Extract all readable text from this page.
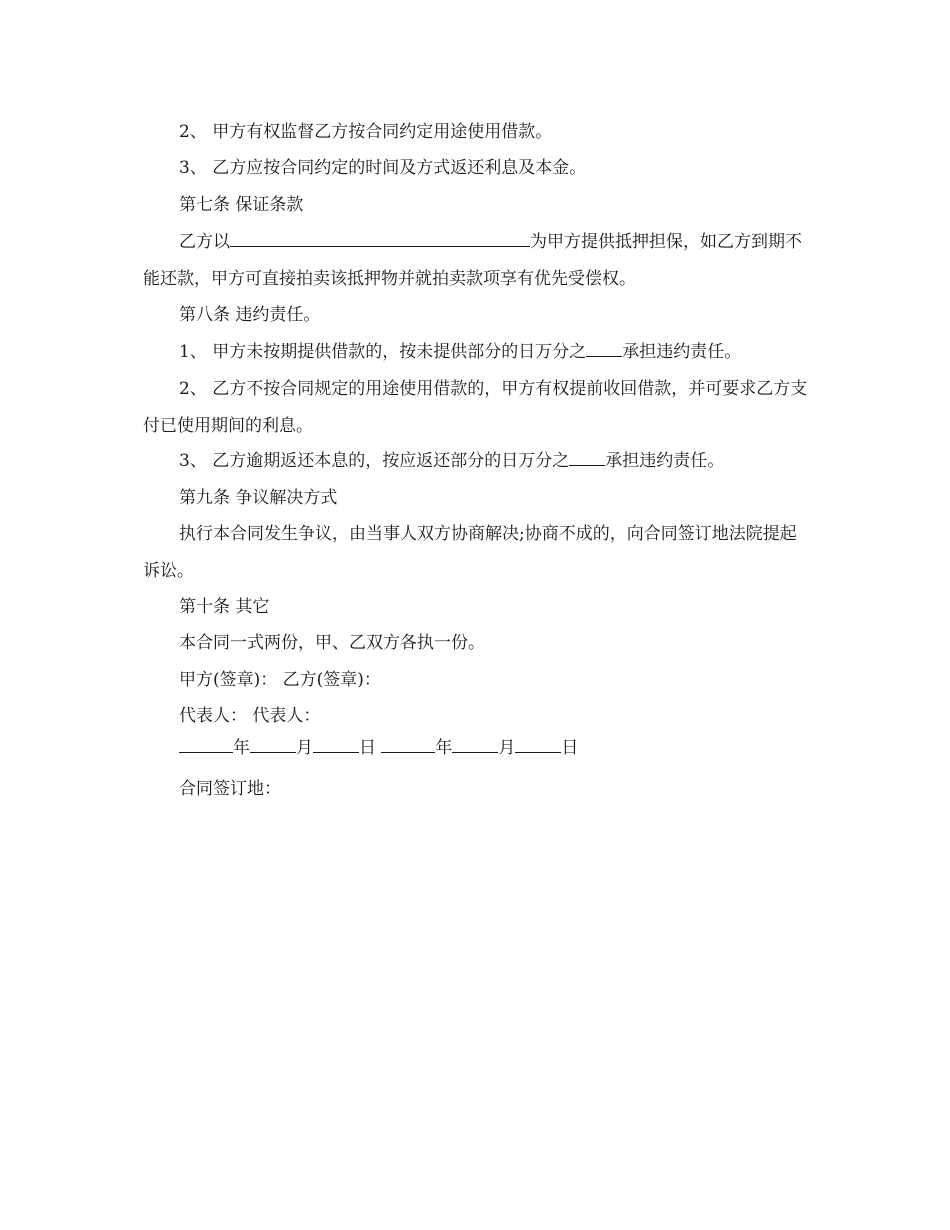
2、 甲方有权监督乙方按合同约定用途使用借款。
3、 乙方应按合同约定的时间及方式返还利息及本金。
第七条 保证条款
乙方以	为甲方提供抵押担保，如乙方到期不能还款，甲方可直接拍卖该抵押物并就拍卖款项享有优先受偿权。
第八条 违约责任。
1、 甲方未按期提供借款的，按未提供部分的日万分之 承担违约责任。
2、 乙方不按合同规定的用途使用借款的，甲方有权提前收回借款，并可要求乙方支付已使用期间的利息。
3、 乙方逾期返还本息的，按应返还部分的日万分之 承担违约责任。
第九条 争议解决方式
执行本合同发生争议，由当事人双方协商解决;协商不成的，向合同签订地法院提起诉讼。
第十条 其它
本合同一式两份，甲、乙双方各执一份。
甲方(签章)： 乙方(签章)：
代表人： 代表人：
年	月	日	年	月	日
合同签订地：
